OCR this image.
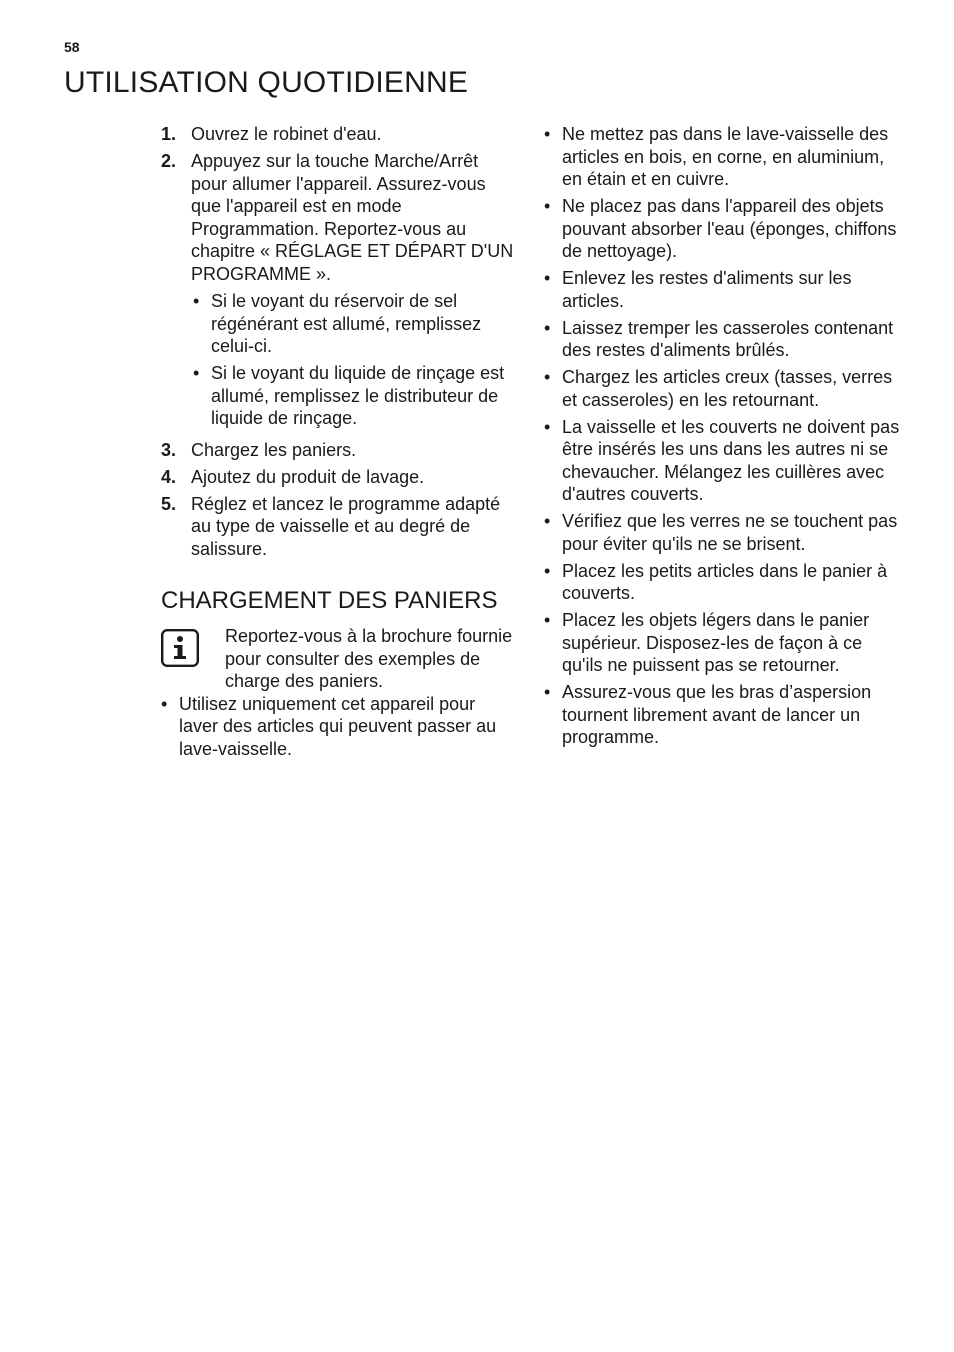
58
UTILISATION QUOTIDIENNE
1. Ouvrez le robinet d'eau.
2. Appuyez sur la touche Marche/Arrêt pour allumer l'appareil. Assurez-vous que l'appareil est en mode Programmation. Reportez-vous au chapitre « RÉGLAGE ET DÉPART D'UN PROGRAMME ».
• Si le voyant du réservoir de sel régénérant est allumé, remplissez celui-ci.
• Si le voyant du liquide de rinçage est allumé, remplissez le distributeur de liquide de rinçage.
3. Chargez les paniers.
4. Ajoutez du produit de lavage.
5. Réglez et lancez le programme adapté au type de vaisselle et au degré de salissure.
CHARGEMENT DES PANIERS
Reportez-vous à la brochure fournie pour consulter des exemples de charge des paniers.
• Utilisez uniquement cet appareil pour laver des articles qui peuvent passer au lave-vaisselle.
• Ne mettez pas dans le lave-vaisselle des articles en bois, en corne, en aluminium, en étain et en cuivre.
• Ne placez pas dans l'appareil des objets pouvant absorber l'eau (éponges, chiffons de nettoyage).
• Enlevez les restes d'aliments sur les articles.
• Laissez tremper les casseroles contenant des restes d'aliments brûlés.
• Chargez les articles creux (tasses, verres et casseroles) en les retournant.
• La vaisselle et les couverts ne doivent pas être insérés les uns dans les autres ni se chevaucher. Mélangez les cuillères avec d'autres couverts.
• Vérifiez que les verres ne se touchent pas pour éviter qu'ils ne se brisent.
• Placez les petits articles dans le panier à couverts.
• Placez les objets légers dans le panier supérieur. Disposez-les de façon à ce qu'ils ne puissent pas se retourner.
• Assurez-vous que les bras d’aspersion tournent librement avant de lancer un programme.
